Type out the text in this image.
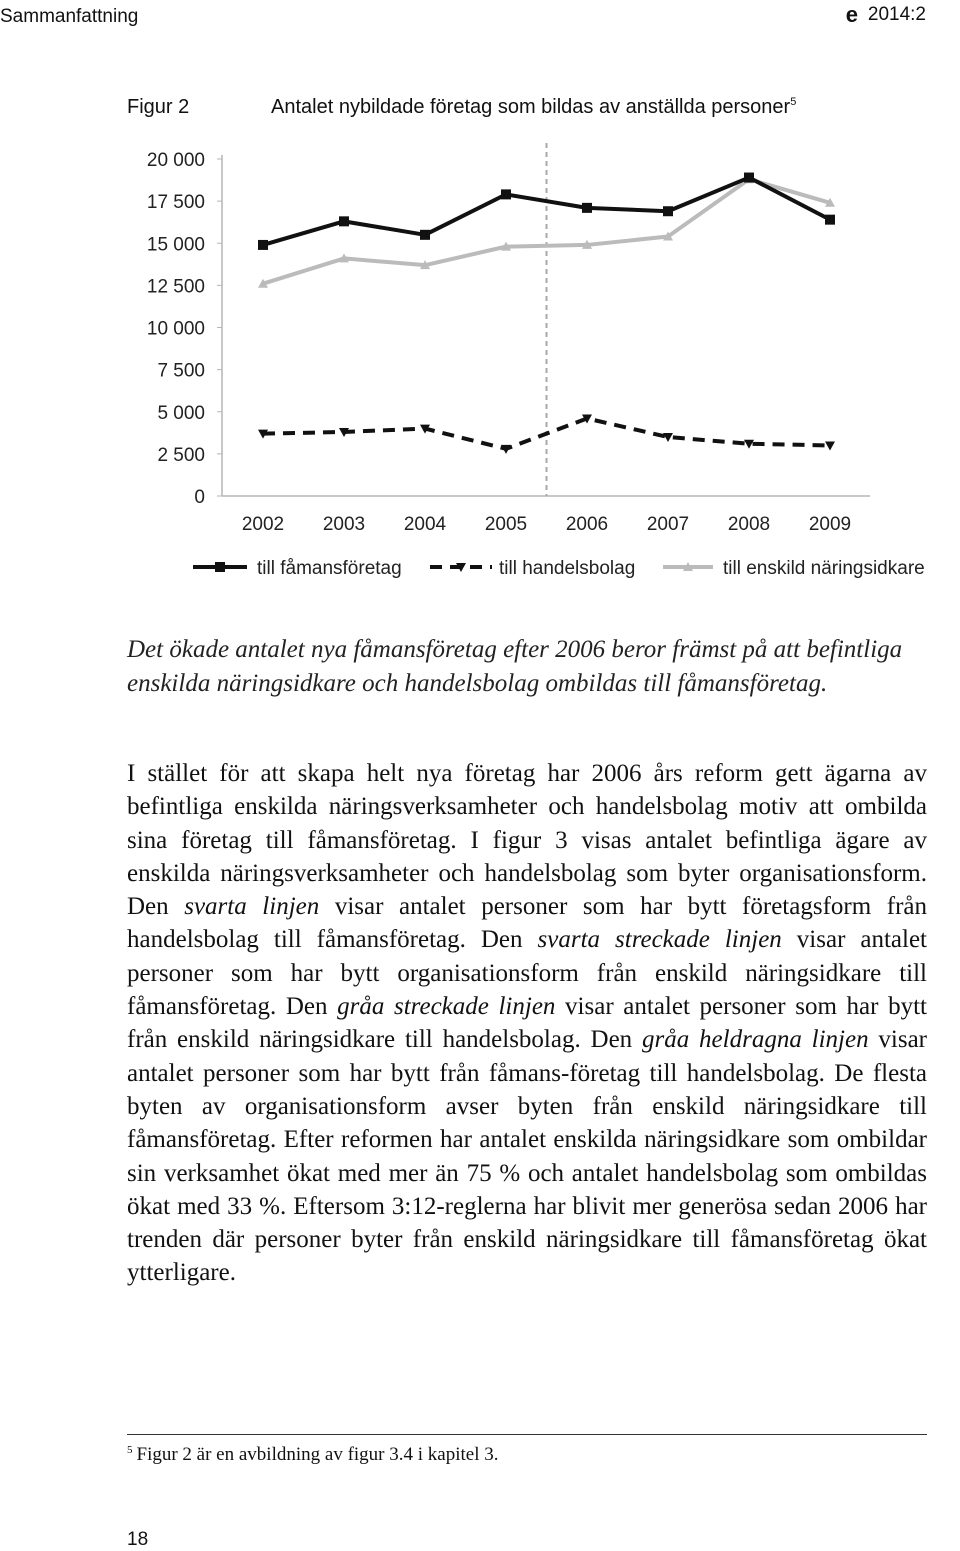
Sammanfattning	e 2014:2
Figur 2	Antalet nybildade företag som bildas av anställda personer$^5$
0
2 500
5 000
7 500
10 000
12 500
15 000
17 500
20 000
2002 2003 2004 2005 2006 2007 2008 2009
till fåmansföretag	till handelsbolag	till enskild näringsidkare
Det ökade antalet nya fåmansföretag efter 2006 beror främst på att befintliga enskilda näringsidkare och handelsbolag ombildas till fåmansföretag.
I stället för att skapa helt nya företag har 2006 års reform gett ägarna av befintliga enskilda näringsverksamheter och handelsbolag motiv att ombilda sina företag till fåmansföretag. I figur 3 visas antalet befintliga ägare av enskilda näringsverksamheter och handelsbolag som byter organisationsform. Den svarta linjen visar antalet personer som har bytt företagsform från handelsbolag till fåmansföretag. Den svarta streckade linjen visar antalet personer som har bytt organisationsform från enskild näringsidkare till fåmansföretag. Den gråa streckade linjen visar antalet personer som har bytt från enskild näringsidkare till handelsbolag. Den gråa heldragna linjen visar antalet personer som har bytt från fåmans-företag till handelsbolag. De flesta byten av organisationsform avser byten från enskild näringsidkare till fåmansföretag. Efter reformen har antalet enskilda näringsidkare som ombildar sin verksamhet ökat med mer än 75 % och antalet handelsbolag som ombildas ökat med 33 %. Eftersom 3:12-reglerna har blivit mer generösa sedan 2006 har trenden där personer byter från enskild näringsidkare till fåmansföretag ökat ytterligare.
$^5$ Figur 2 är en avbildning av figur 3.4 i kapitel 3.
18
